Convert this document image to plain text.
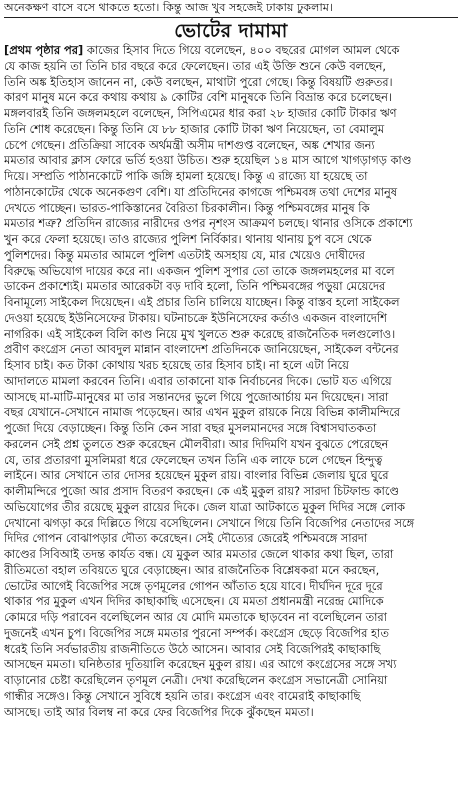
অনেকক্ষণ বাসে বসে থাকতে হতো। কিন্তু আজ খুব সহজেই ঢাকায় ঢুকলাম।
ভোটের দামামা
[প্রথম পৃষ্ঠার পর] কাজের হিসাব দিতে গিয়ে বলেছেন, ৪০০ বছরের মোগল আমল থেকে
যে কাজ হয়নি তা তিনি চার বছরে করে ফেলেছেন। তার এই উক্তি শুনে কেউ বলছেন,
তিনি অঙ্ক ইতিহাস জানেন না, কেউ বলছেন, মাথাটা পুরো গেছে। কিন্তু বিষয়টি গুরুতর।
কারণ মানুষ মনে করে কথায় কথায় ৯ কোটির বেশি মানুষকে তিনি বিভ্রান্ত করে চলেছেন।
মঙ্গলবারই তিনি জঙ্গলমহলে বলেছেন, সিপিএমের ধার করা ২৮ হাজার কোটি টাকার ঋণ
তিনি শোধ করেছেন। কিন্তু তিনি যে ৮৮ হাজার কোটি টাকা ঋণ নিয়েছেন, তা বেমালুম
চেপে গেছেন। প্রতিক্রিয়া সাবেক অর্থমন্ত্রী অসীম দাশগুপ্ত বলেছেন, অঙ্ক শেখার জন্য
মমতার আবার ক্লাস ফোরে ভর্তি হওয়া উচিত। শুরু হয়েছিল ১৪ মাস আগে খাগড়াগড় কাণ্ড
দিয়ে। সম্প্রতি পাঠানকোটে পাকি জঙ্গি হামলা হয়েছে। কিন্তু এ রাজ্যে যা হয়েছে তা
পাঠানকোটের থেকে অনেকগুণ বেশি। যা প্রতিদিনের কাগজে পশ্চিমবঙ্গ তথা দেশের মানুষ
দেখতে পাচ্ছেন। ভারত-পাকিস্তানের বৈরিতা চিরকালীন। কিন্তু পশ্চিমবঙ্গের মানুষ কি
মমতার শত্রু? প্রতিদিন রাজ্যের নারীদের ওপর নৃশংস আক্রমণ চলছে। থানার ওসিকে প্রকাশ্যে
খুন করে ফেলা হয়েছে। তাও রাজ্যের পুলিশ নির্বিকার। থানায় থানায় চুপ বসে থেকে
পুলিশদের। কিন্তু মমতার আমলে পুলিশ এতটাই অসহায় যে, মার খেয়েও দোষীদের
বিরুদ্ধে অভিযোগ দায়ের করে না। একজন পুলিশ সুপার তো তাকে জঙ্গলমহলের মা বলে
ডাকেন প্রকাশ্যেই। মমতার আরেকটা বড় দাবি হলো, তিনি পশ্চিমবঙ্গের পড়ুয়া মেয়েদের
বিনামূল্যে সাইকেল দিয়েছেন। এই প্রচার তিনি চালিয়ে যাচ্ছেন। কিন্তু বাস্তব হলো সাইকেল
দেওয়া হয়েছে ইউনিসেফের টাকায়। ঘটনাচক্রে ইউনিসেফের কর্তাও একজন বাংলাদেশি
নাগরিক। এই সাইকেল বিলি কাণ্ড নিয়ে মুখ খুলতে শুরু করেছে রাজনৈতিক দলগুলোও।
প্রবীণ কংগ্রেস নেতা আবদুল মান্নান বাংলাদেশ প্রতিদিনকে জানিয়েছেন, সাইকেল বন্টনের
হিসাব চাই। কত টাকা কোথায় খরচ হয়েছে তার হিসাব চাই। না হলে এটা নিয়ে
আদালতে মামলা করবেন তিনি। এবার তাকানো যাক নির্বাচনের দিকে। ভোট যত এগিয়ে
আসছে মা-মাটি-মানুষের মা তার সন্তানদের ভুলে গিয়ে পুজোআর্চায় মন দিয়েছেন। সারা
বছর যেখানে-সেখানে নামাজ পড়েছেন। আর এখন মুকুল রায়কে নিয়ে বিভিন্ন কালীমন্দিরে
পুজো দিয়ে বেড়াচ্ছেন। কিন্তু তিনি কেন সারা বছর মুসলমানদের সঙ্গে বিশ্বাসঘাতকতা
করলেন সেই প্রশ্ন তুলতে শুরু করেছেন মৌলবীরা। আর দিদিমণি যখন বুঝতে পেরেছেন
যে, তার প্রতারণা মুসলিমরা ধরে ফেলেছেন তখন তিনি এক লাফে চলে গেছেন হিন্দুত্ব
লাইনে। আর সেখানে তার দোসর হয়েছেন মুকুল রায়। বাংলার বিভিন্ন জেলায় ঘুরে ঘুরে
কালীমন্দিরে পুজো আর প্রসাদ বিতরণ করছেন। কে এই মুকুল রায়? সারদা চিটফান্ড কাণ্ডে
অভিযোগের তীর রয়েছে মুকুল রায়ের দিকে। জেল যাত্রা আটকাতে মুকুল দিদির সঙ্গে লোক
দেখানো ঝগড়া করে দিল্লিতে গিয়ে বসেছিলেন। সেখানে গিয়ে তিনি বিজেপির নেতাদের সঙ্গে
দিদির গোপন বোঝাপড়ার দৌত্য করেছেন। সেই দৌত্যের জেরেই পশ্চিমবঙ্গে সারদা
কাণ্ডের সিবিআই তদন্ত কার্যত বন্ধ। যে মুকুল আর মমতার জেলে থাকার কথা ছিল, তারা
রীতিমতো বহাল তবিয়তে ঘুরে বেড়াচ্ছেন। আর রাজনৈতিক বিশ্লেষকরা মনে করছেন,
ভোটের আগেই বিজেপির সঙ্গে তৃণমূলের গোপন আঁতাত হয়ে যাবে। দীর্ঘদিন দূরে দূরে
থাকার পর মুকুল এখন দিদির কাছাকাছি এসেছেন। যে মমতা প্রধানমন্ত্রী নরেন্দ্র মোদিকে
কোমরে দড়ি পরাবেন বলেছিলেন আর যে মোদি মমতাকে ছাড়বেন না বলেছিলেন তারা
দুজনেই এখন চুপ। বিজেপির সঙ্গে মমতার পুরনো সম্পর্ক। কংগ্রেস ছেড়ে বিজেপির হাত
ধরেই তিনি সর্বভারতীয় রাজনীতিতে উঠে আসেন। আবার সেই বিজেপিরই কাছাকাছি
আসছেন মমতা। ঘনিষ্ঠতার দূতিয়ালি করেছেন মুকুল রায়। এর আগে কংগ্রেসের সঙ্গে সখ্য
বাড়ানোর চেষ্টা করেছিলেন তৃণমূল নেত্রী। দেখা করেছিলেন কংগ্রেস সভানেত্রী সোনিয়া
গান্ধীর সঙ্গেও। কিন্তু সেখানে সুবিধে হয়নি তার। কংগ্রেস এবং বামেরাই কাছাকাছি
আসছে। তাই আর বিলম্ব না করে ফের বিজেপির দিকে ঝুঁকছেন মমতা।
